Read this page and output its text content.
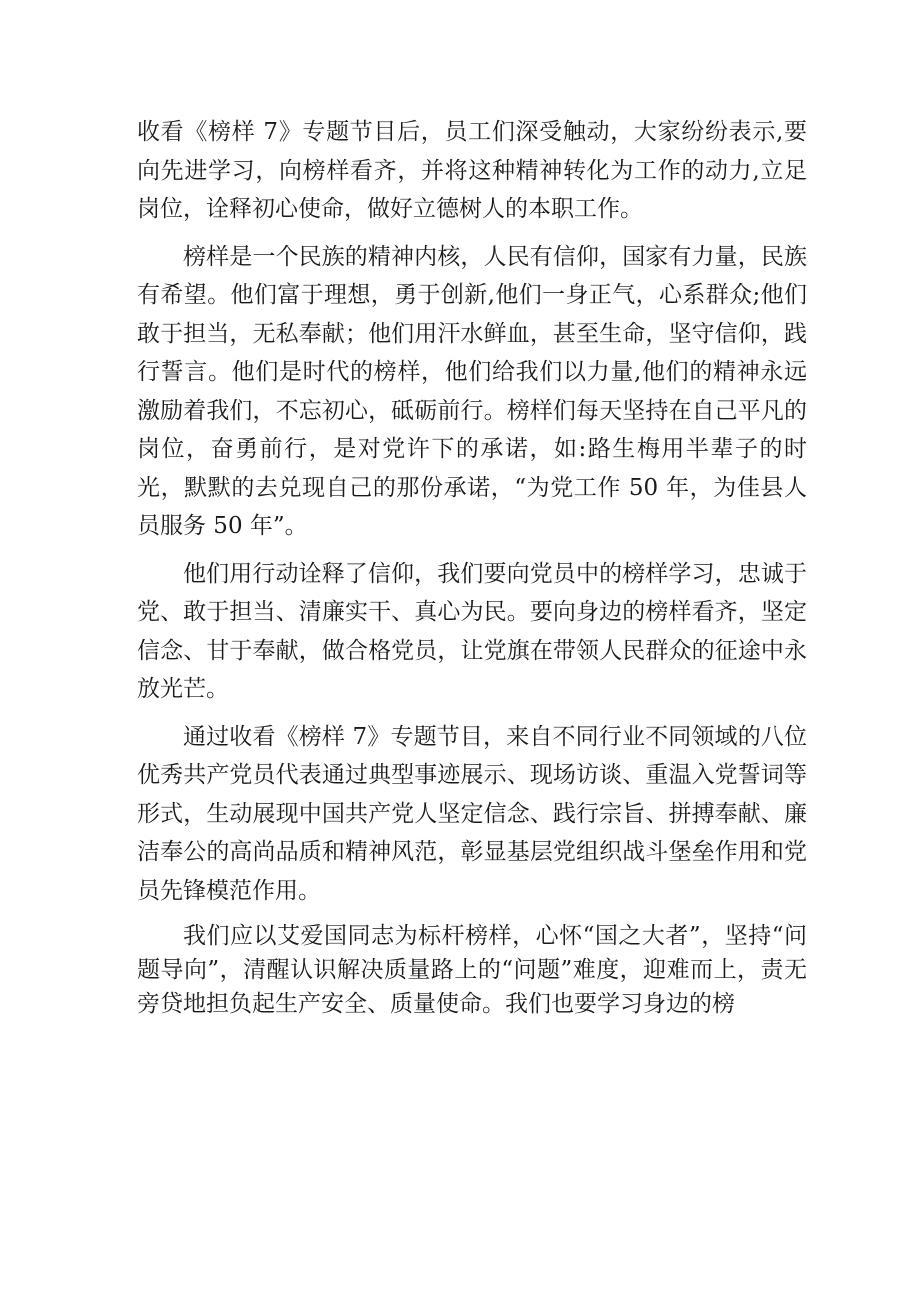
收看《榜样 7》专题节目后，员工们深受触动，大家纷纷表示,要向先进学习，向榜样看齐，并将这种精神转化为工作的动力,立足岗位，诠释初心使命，做好立德树人的本职工作。

榜样是一个民族的精神内核，人民有信仰，国家有力量，民族有希望。他们富于理想，勇于创新,他们一身正气，心系群众;他们敢于担当，无私奉献；他们用汗水鲜血，甚至生命，坚守信仰，践行誓言。他们是时代的榜样，他们给我们以力量,他们的精神永远激励着我们，不忘初心，砥砺前行。榜样们每天坚持在自己平凡的岗位，奋勇前行，是对党许下的承诺，如:路生梅用半辈子的时光，默默的去兑现自己的那份承诺，“为党工作 50 年，为佳县人员服务 50 年”。

他们用行动诠释了信仰，我们要向党员中的榜样学习，忠诚于党、敢于担当、清廉实干、真心为民。要向身边的榜样看齐，坚定信念、甘于奉献，做合格党员，让党旗在带领人民群众的征途中永放光芒。

通过收看《榜样 7》专题节目，来自不同行业不同领域的八位优秀共产党员代表通过典型事迹展示、现场访谈、重温入党誓词等形式，生动展现中国共产党人坚定信念、践行宗旨、拼搏奉献、廉洁奉公的高尚品质和精神风范，彰显基层党组织战斗堡垒作用和党员先锋模范作用。

我们应以艾爱国同志为标杆榜样，心怀“国之大者”，坚持“问题导向”，清醒认识解决质量路上的“问题”难度，迎难而上，责无旁贷地担负起生产安全、质量使命。我们也要学习身边的榜
